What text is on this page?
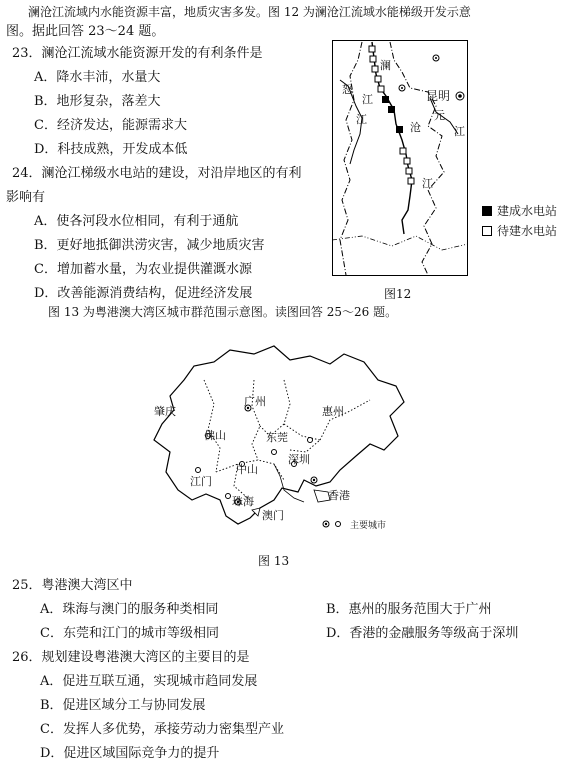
澜沧江流域内水能资源丰富，地质灾害多发。图 12 为澜沧江流域水能梯级开发示意
图。据此回答 23～24 题。
23．澜沧江流域水能资源开发的有利条件是
A．降水丰沛，水量大
B．地形复杂，落差大
C．经济发达，能源需求大
D．科技成熟，开发成本低
24．澜沧江梯级水电站的建设，对沿岸地区的有利
影响有
A．使各河段水位相同，有利于通航
B．更好地抵御洪涝灾害，减少地质灾害
C．增加蓄水量，为农业提供灌溉水源
D．改善能源消费结构，促进经济发展
澜
沧
怒
江
江
江
江
元
昆明
图12
建成水电站
待建水电站
图 13 为粤港澳大湾区城市群范围示意图。读图回答 25～26 题。
肇庆
广州
惠州
佛山	东莞
深圳
江门
中山
珠海
澳门
香港
主要城市
图 13
25．粤港澳大湾区中
A．珠海与澳门的服务种类相同	B．惠州的服务范围大于广州
C．东莞和江门的城市等级相同	D．香港的金融服务等级高于深圳
26．规划建设粤港澳大湾区的主要目的是
A．促进互联互通，实现城市趋同发展
B．促进区域分工与协同发展
C．发挥人多优势，承接劳动力密集型产业
D．促进区域国际竞争力的提升
